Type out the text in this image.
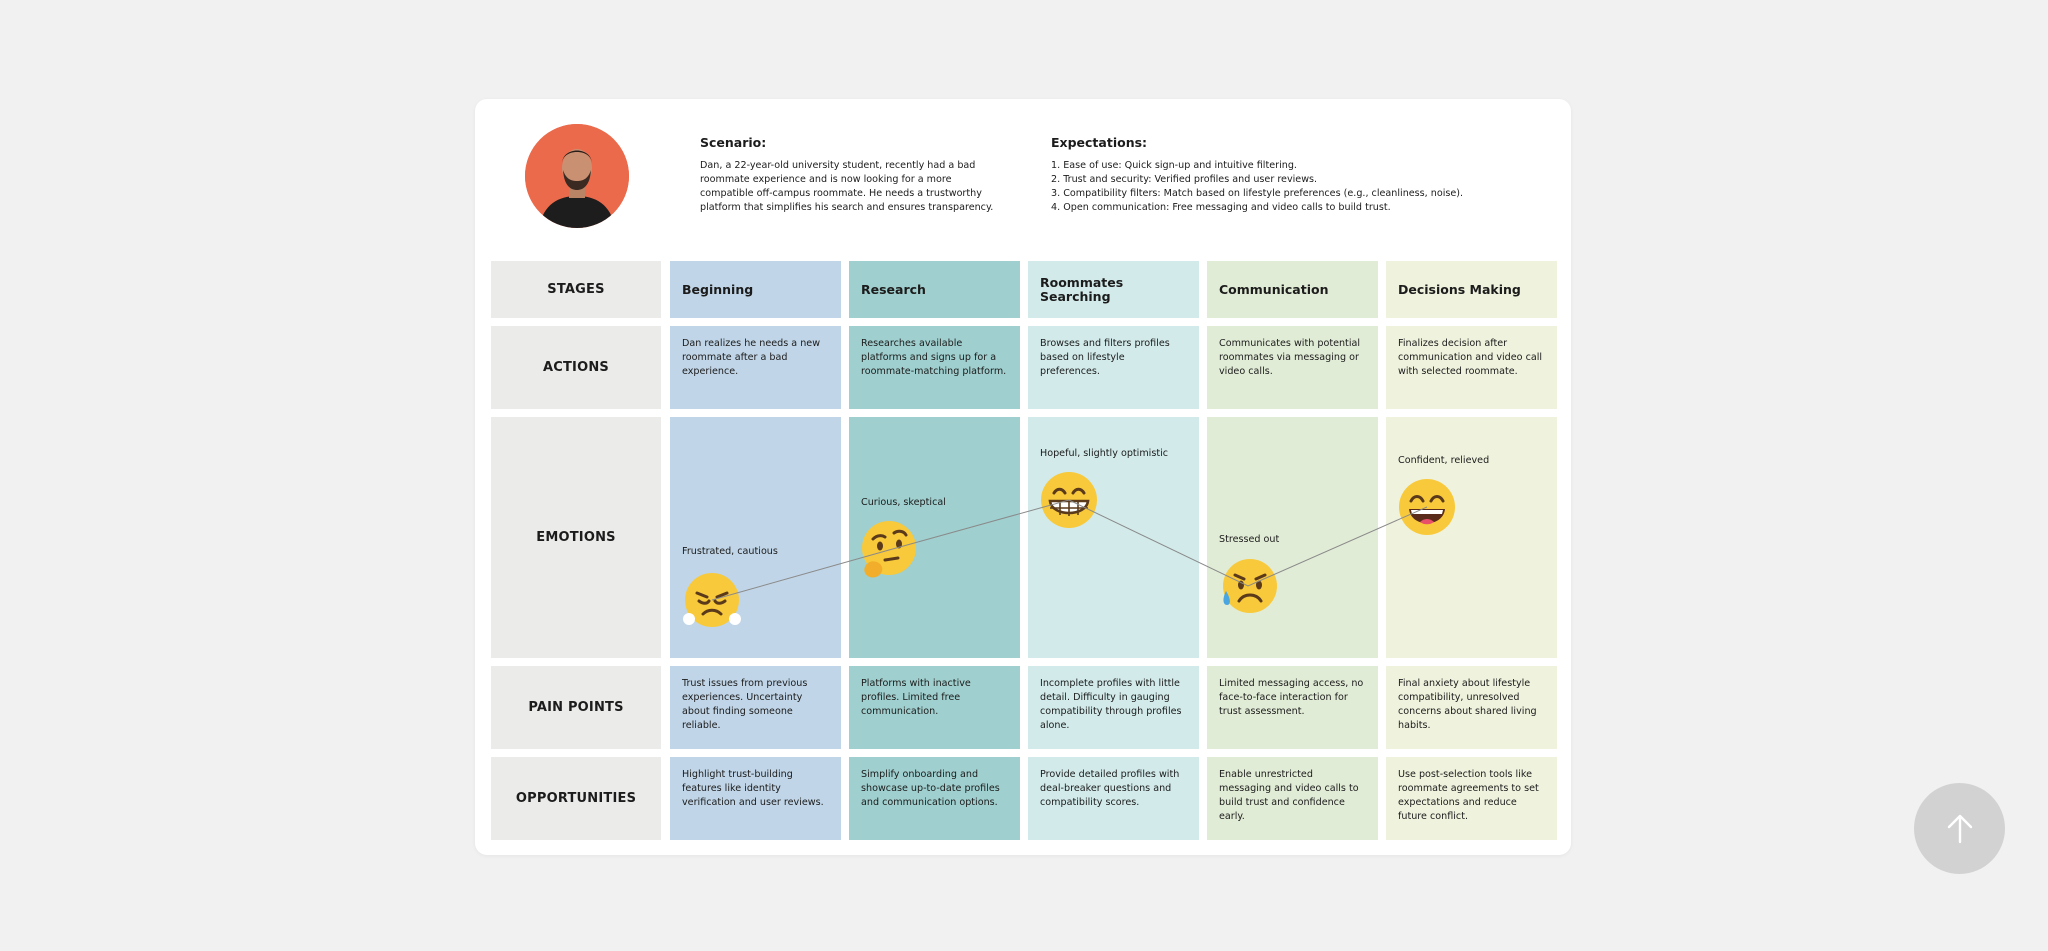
Scenario:

Dan, a 22-year-old university student, recently had a bad roommate experience and is now looking for a more compatible off-campus roommate. He needs a trustworthy platform that simplifies his search and ensures transparency.

Expectations:

1. Ease of use: Quick sign-up and intuitive filtering.
2. Trust and security: Verified profiles and user reviews.
3. Compatibility filters: Match based on lifestyle preferences (e.g., cleanliness, noise).
4. Open communication: Free messaging and video calls to build trust.
STAGES
ACTIONS
EMOTIONS
PAIN POINTS
OPPORTUNITIES
Beginning
Dan realizes he needs a new roommate after a bad experience.
Trust issues from previous experiences. Uncertainty about finding someone reliable.
Highlight trust-building features like identity verification and user reviews.
Frustrated, cautious
Research
Researches available platforms and signs up for a roommate-matching platform.
Platforms with inactive profiles. Limited free communication.
Simplify onboarding and showcase up-to-date profiles and communication options.
Curious, skeptical
Roommates Searching
Browses and filters profiles based on lifestyle preferences.
Incomplete profiles with little detail. Difficulty in gauging compatibility through profiles alone.
Provide detailed profiles with deal-breaker questions and compatibility scores.
Hopeful, slightly optimistic
Communication
Communicates with potential roommates via messaging or video calls.
Limited messaging access, no face-to-face interaction for trust assessment.
Enable unrestricted messaging and video calls to build trust and confidence early.
Stressed out
Decisions Making
Finalizes decision after communication and video call with selected roommate.
Final anxiety about lifestyle compatibility, unresolved concerns about shared living habits.
Use post-selection tools like roommate agreements to set expectations and reduce future conflict.
Confident, relieved
